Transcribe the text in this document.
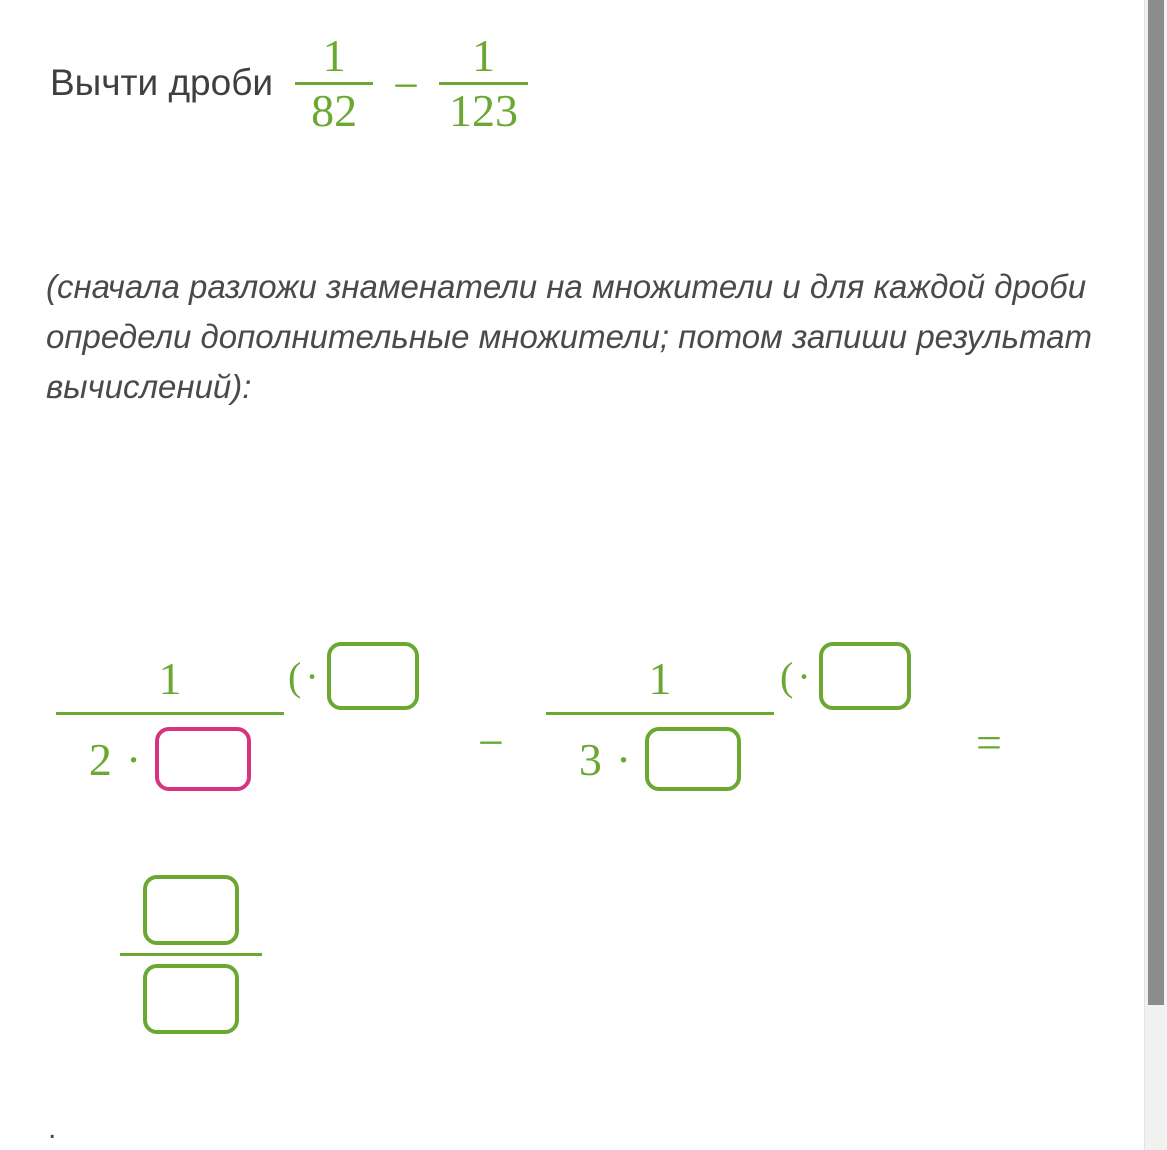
Вычти дроби $\frac{1}{82} - \frac{1}{123}$
(сначала разложи знаменатели на множители и для каждой дроби определи дополнительные множители; потом запиши результат вычислений):
1
2 ·
( ·
−
1
3 ·
( ·
=
.
